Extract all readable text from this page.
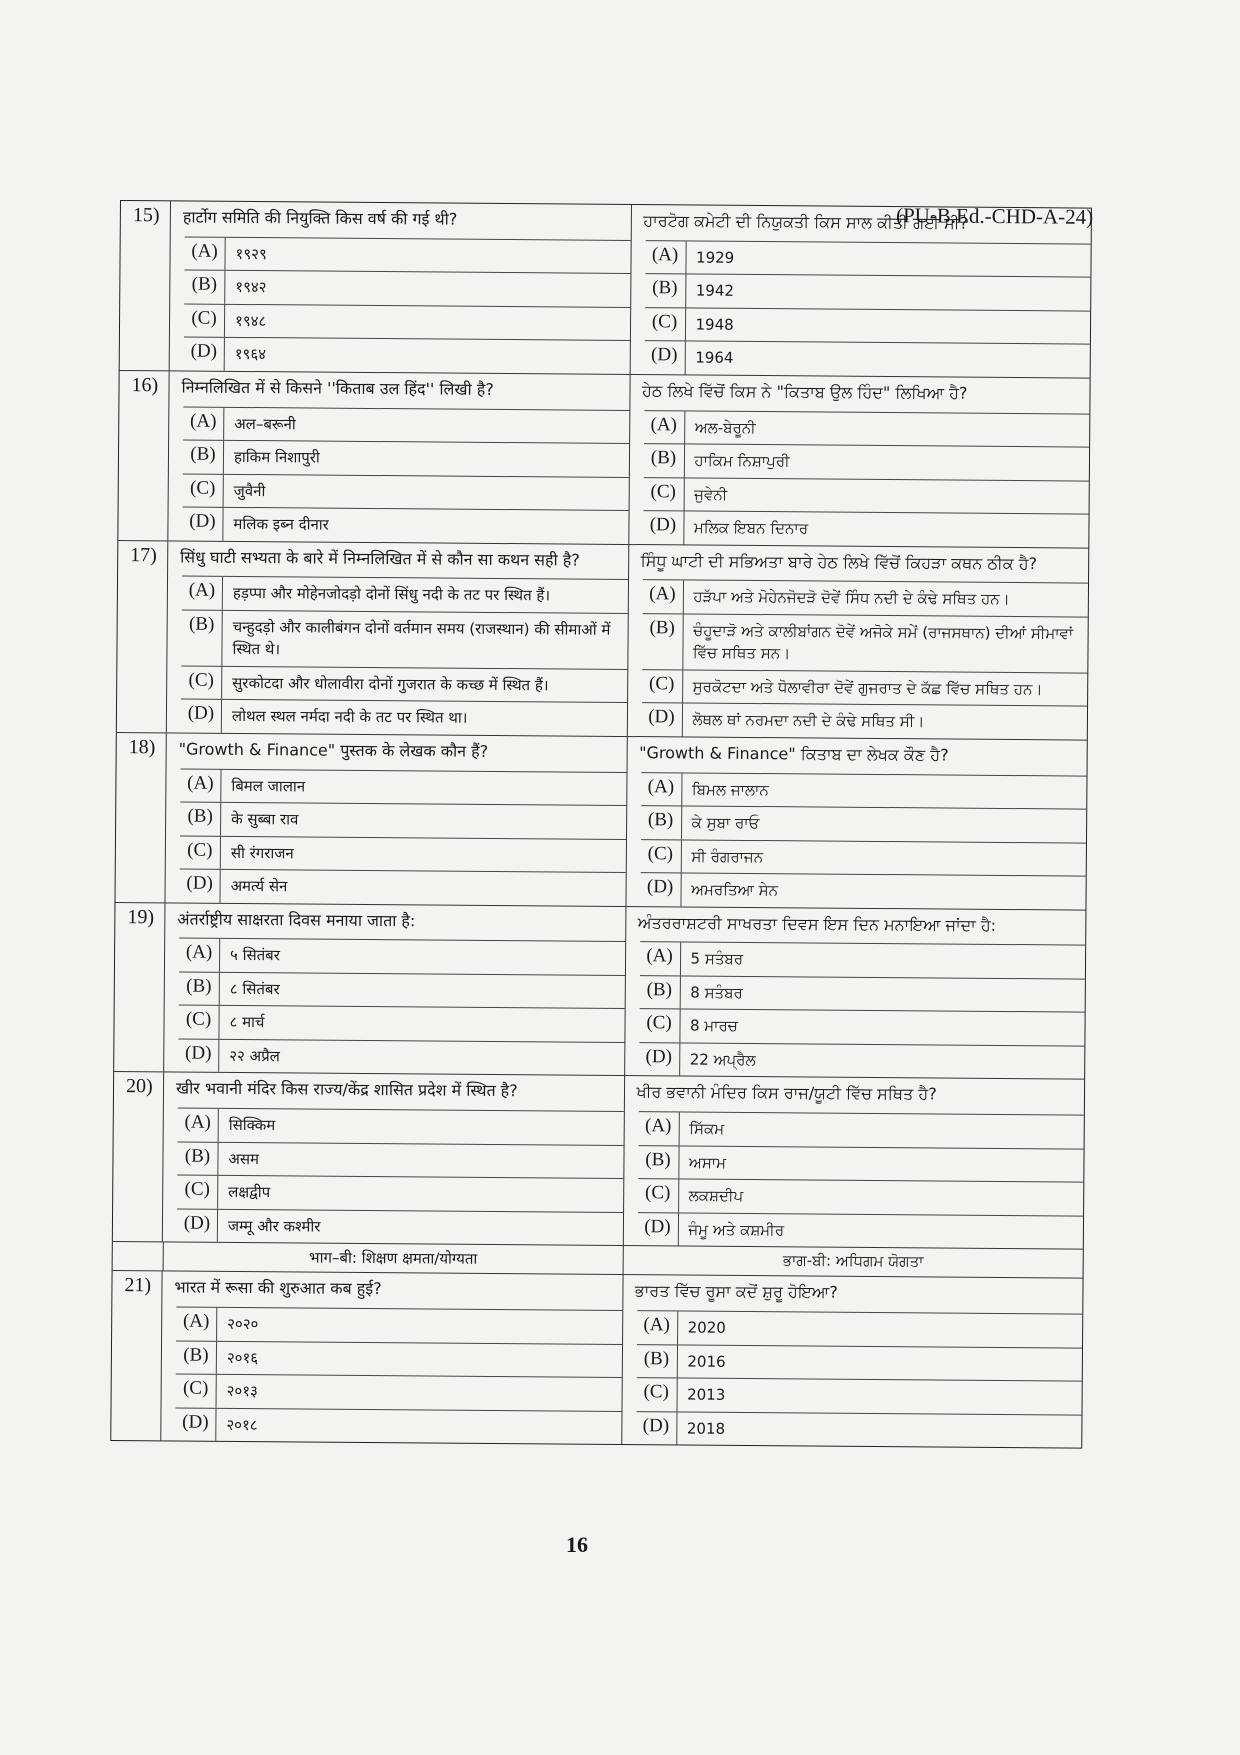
(PU-B.Ed.-CHD-A-24)
15)	हार्टोग समिति की नियुक्ति किस वर्ष की गई थी?
(A)	१९२९
(B)	१९४२
(C)	१९४८
(D)	१९६४
ਹਾਰਟੋਗ ਕਮੇਟੀ ਦੀ ਨਿਯੁਕਤੀ ਕਿਸ ਸਾਲ ਕੀਤੀ ਗਈ ਸੀ?
(A)	1929
(B)	1942
(C)	1948
(D)	1964
16)	निम्नलिखित में से किसने ''किताब उल हिंद'' लिखी है?
(A)	अल–बरूनी
(B)	हाकिम निशापुरी
(C)	जुवैनी
(D)	मलिक इब्न दीनार
ਹੇਠ ਲਿਖੇ ਵਿੱਚੋਂ ਕਿਸ ਨੇ "ਕਿਤਾਬ ਉਲ ਹਿੰਦ" ਲਿਖਿਆ ਹੈ?
(A)	ਅਲ-ਬੇਰੂਨੀ
(B)	ਹਾਕਿਮ ਨਿਸ਼ਾਪੁਰੀ
(C)	ਜੁਵੇਨੀ
(D)	ਮਲਿਕ ਇਬਨ ਦਿਨਾਰ
17)	सिंधु घाटी सभ्यता के बारे में निम्नलिखित में से कौन सा कथन सही है?
(A)	हड़प्पा और मोहेनजोदड़ो दोनों सिंधु नदी के तट पर स्थित हैं।
(B)	चन्हुदड़ो और कालीबंगन दोनों वर्तमान समय (राजस्थान) की सीमाओं में स्थित थे।
(C)	सुरकोटदा और धोलावीरा दोनों गुजरात के कच्छ में स्थित हैं।
(D)	लोथल स्थल नर्मदा नदी के तट पर स्थित था।
ਸਿੰਧੂ ਘਾਟੀ ਦੀ ਸਭਿਅਤਾ ਬਾਰੇ ਹੇਠ ਲਿਖੇ ਵਿੱਚੋਂ ਕਿਹੜਾ ਕਥਨ ਠੀਕ ਹੈ?
(A)	ਹੜੱਪਾ ਅਤੇ ਮੋਹੇਨਜੋਦੜੋ ਦੋਵੇਂ ਸਿੰਧ ਨਦੀ ਦੇ ਕੰਢੇ ਸਥਿਤ ਹਨ।
(B)	ਚੰਹੂਦਾੜੋ ਅਤੇ ਕਾਲੀਬਾਂਗਨ ਦੋਵੇਂ ਅਜੋਕੇ ਸਮੇਂ (ਰਾਜਸਥਾਨ) ਦੀਆਂ ਸੀਮਾਵਾਂ ਵਿੱਚ ਸਥਿਤ ਸਨ।
(C)	ਸੁਰਕੋਟਦਾ ਅਤੇ ਧੋਲਾਵੀਰਾ ਦੋਵੇਂ ਗੁਜਰਾਤ ਦੇ ਕੱਛ ਵਿੱਚ ਸਥਿਤ ਹਨ।
(D)	ਲੋਥਲ ਥਾਂ ਨਰਮਦਾ ਨਦੀ ਦੇ ਕੰਢੇ ਸਥਿਤ ਸੀ।
18)	"Growth & Finance" पुस्तक के लेखक कौन हैं?
(A)	बिमल जालान
(B)	के सुब्बा राव
(C)	सी रंगराजन
(D)	अमर्त्य सेन
"Growth & Finance" ਕਿਤਾਬ ਦਾ ਲੇਖਕ ਕੌਣ ਹੈ?
(A)	ਬਿਮਲ ਜਾਲਾਨ
(B)	ਕੇ ਸੁਬਾ ਰਾਓ
(C)	ਸੀ ਰੰਗਰਾਜਨ
(D)	ਅਮਰਤਿਆ ਸੇਨ
19)	अंतर्राष्ट्रीय साक्षरता दिवस मनाया जाता है:
(A)	५ सितंबर
(B)	८ सितंबर
(C)	८ मार्च
(D)	२२ अप्रैल
ਅੰਤਰਰਾਸ਼ਟਰੀ ਸਾਖਰਤਾ ਦਿਵਸ ਇਸ ਦਿਨ ਮਨਾਇਆ ਜਾਂਦਾ ਹੈ:
(A)	5 ਸਤੰਬਰ
(B)	8 ਸਤੰਬਰ
(C)	8 ਮਾਰਚ
(D)	22 ਅਪ੍ਰੈਲ
20)	खीर भवानी मंदिर किस राज्य/केंद्र शासित प्रदेश में स्थित है?
(A)	सिक्किम
(B)	असम
(C)	लक्षद्वीप
(D)	जम्मू और कश्मीर
ਖੀਰ ਭਵਾਨੀ ਮੰਦਿਰ ਕਿਸ ਰਾਜ/ਯੂਟੀ ਵਿੱਚ ਸਥਿਤ ਹੈ?
(A)	ਸਿੱਕਮ
(B)	ਅਸਾਮ
(C)	ਲਕਸ਼ਦੀਪ
(D)	ਜੰਮੂ ਅਤੇ ਕਸ਼ਮੀਰ
भाग–बी: शिक्षण क्षमता/योग्यता	ਭਾਗ-ਬੀ: ਅਧਿਗਮ ਯੋਗਤਾ
21)	भारत में रूसा की शुरुआत कब हुई?
(A)	२०२०
(B)	२०१६
(C)	२०१३
(D)	२०१८
ਭਾਰਤ ਵਿੱਚ ਰੂਸਾ ਕਦੋਂ ਸ਼ੁਰੂ ਹੋਇਆ?
(A)	2020
(B)	2016
(C)	2013
(D)	2018
16
